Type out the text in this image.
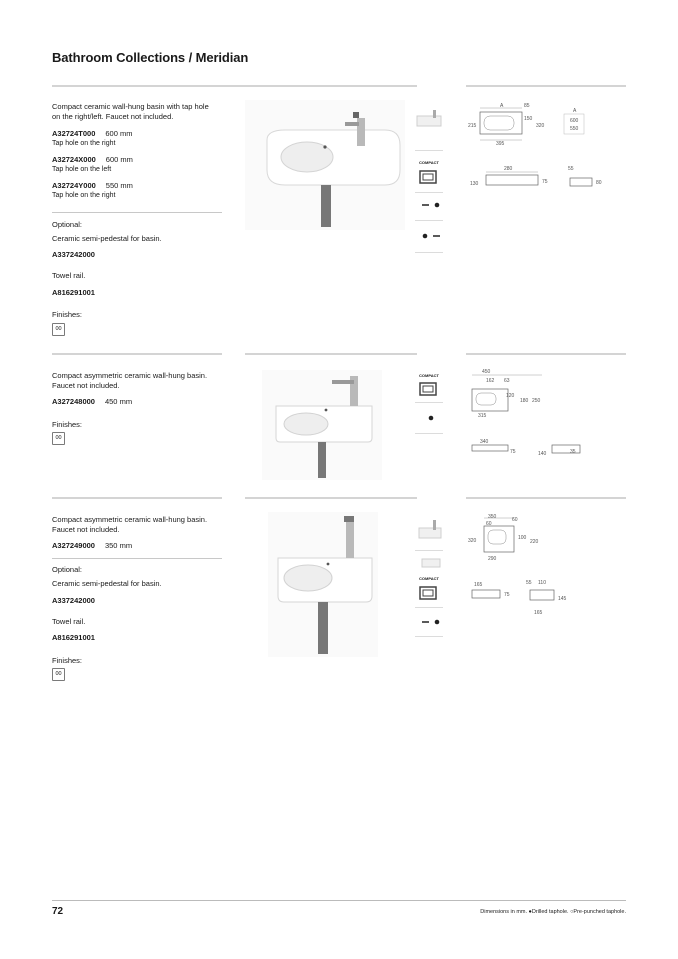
Bathroom Collections / Meridian
Compact ceramic wall-hung basin with tap hole on the right/left. Faucet not included.
A32724T000 600 mm
Tap hole on the right
A32724X000 600 mm
Tap hole on the left
A32724Y000 550 mm
Tap hole on the right
Optional:
Ceramic semi-pedestal for basin.
A337242000
Towel rail.
A816291001
Finishes:
00
COMPACT
A	85
215
150
320
A
600
550
395
280
130	75
55
80
Compact asymmetric ceramic wall-hung basin. Faucet not included.
A327248000 450 mm
Finishes:
00
COMPACT
450
162 63
120
180 250
315
340
75	140	35
Compact asymmetric ceramic wall-hung basin. Faucet not included.
A327249000 350 mm
Optional:
Ceramic semi-pedestal for basin.
A337242000
Towel rail.
A816291001
Finishes:
00
COMPACT
350
60
60
320	100
220
290
165
75
55 110
145
165
72	Dimensions in mm. ●Drilled taphole. ○Pre-punched taphole.
